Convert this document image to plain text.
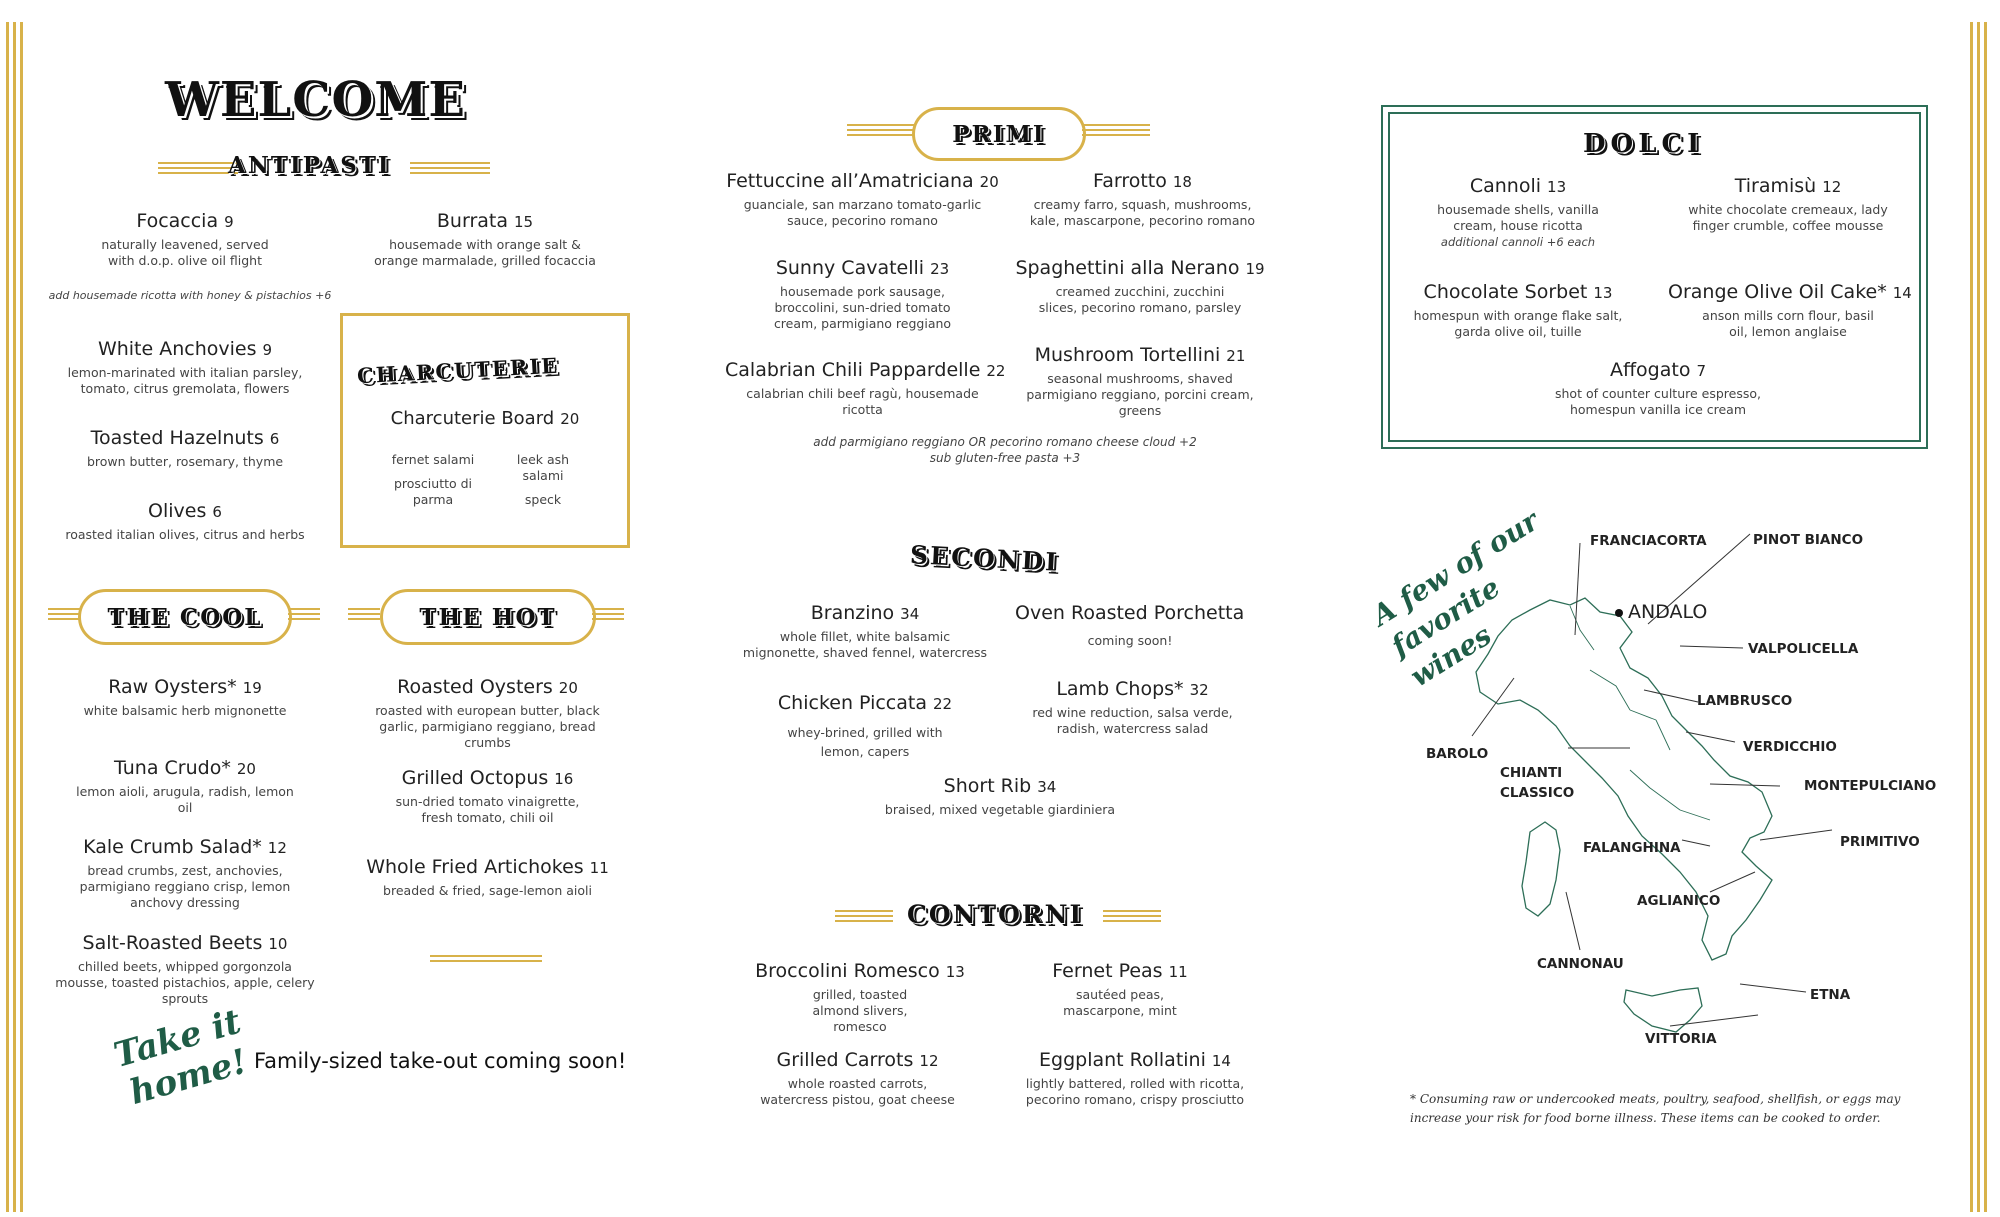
WELCOME
ANTIPASTI
Focaccia 9
naturally leavened, served with d.o.p. olive oil flight
Burrata 15
housemade with orange salt & orange marmalade, grilled focaccia
add housemade ricotta with honey & pistachios +6
White Anchovies 9
lemon-marinated with italian parsley, tomato, citrus gremolata, flowers
Toasted Hazelnuts 6
brown butter, rosemary, thyme
Olives 6
roasted italian olives, citrus and herbs
CHARCUTERIE
Charcuterie Board 20
fernet salami	leek ash salami
prosciutto di parma	speck
THE COOL	THE HOT
Raw Oysters* 19
white balsamic herb mignonette
Tuna Crudo* 20
lemon aioli, arugula, radish, lemon oil
Kale Crumb Salad* 12
bread crumbs, zest, anchovies, parmigiano reggiano crisp, lemon anchovy dressing
Salt-Roasted Beets 10
chilled beets, whipped gorgonzola mousse, toasted pistachios, apple, celery sprouts
Roasted Oysters 20
roasted with european butter, black garlic, parmigiano reggiano, bread crumbs
Grilled Octopus 16
sun-dried tomato vinaigrette, fresh tomato, chili oil
Whole Fried Artichokes 11
breaded & fried, sage-lemon aioli
Take it home! Family-sized take-out coming soon!
PRIMI
Fettuccine all’Amatriciana 20
guanciale, san marzano tomato-garlic sauce, pecorino romano
Farrotto 18
creamy farro, squash, mushrooms, kale, mascarpone, pecorino romano
Sunny Cavatelli 23
housemade pork sausage, broccolini, sun-dried tomato cream, parmigiano reggiano
Spaghettini alla Nerano 19
creamed zucchini, zucchini slices, pecorino romano, parsley
Calabrian Chili Pappardelle 22
calabrian chili beef ragù, housemade ricotta
Mushroom Tortellini 21
seasonal mushrooms, shaved parmigiano reggiano, porcini cream, greens
add parmigiano reggiano OR pecorino romano cheese cloud +2
sub gluten-free pasta +3
SECONDI
Branzino 34
whole fillet, white balsamic mignonette, shaved fennel, watercress
Oven Roasted Porchetta
coming soon!
Chicken Piccata 22
whey-brined, grilled with lemon, capers
Lamb Chops* 32
red wine reduction, salsa verde, radish, watercress salad
Short Rib 34
braised, mixed vegetable giardiniera
CONTORNI
Broccolini Romesco 13
grilled, toasted almond slivers, romesco
Fernet Peas 11
sautéed peas, mascarpone, mint
Grilled Carrots 12
whole roasted carrots, watercress pistou, goat cheese
Eggplant Rollatini 14
lightly battered, rolled with ricotta, pecorino romano, crispy prosciutto
DOLCI
Cannoli 13
housemade shells, vanilla cream, house ricotta
additional cannoli +6 each
Tiramisù 12
white chocolate cremeaux, lady finger crumble, coffee mousse
Chocolate Sorbet 13
homespun with orange flake salt, garda olive oil, tuille
Orange Olive Oil Cake* 14
anson mills corn flour, basil oil, lemon anglaise
Affogato 7
shot of counter culture espresso, homespun vanilla ice cream
A few of our favorite wines
FRANCIACORTA	PINOT BIANCO
ANDALO
VALPOLICELLA
LAMBRUSCO
VERDICCHIO
BAROLO
CHIANTI CLASSICO	MONTEPULCIANO
FALANGHINA	PRIMITIVO
AGLIANICO
CANNONAU
ETNA
VITTORIA
* Consuming raw or undercooked meats, poultry, seafood, shellfish, or eggs may increase your risk for food borne illness. These items can be cooked to order.
